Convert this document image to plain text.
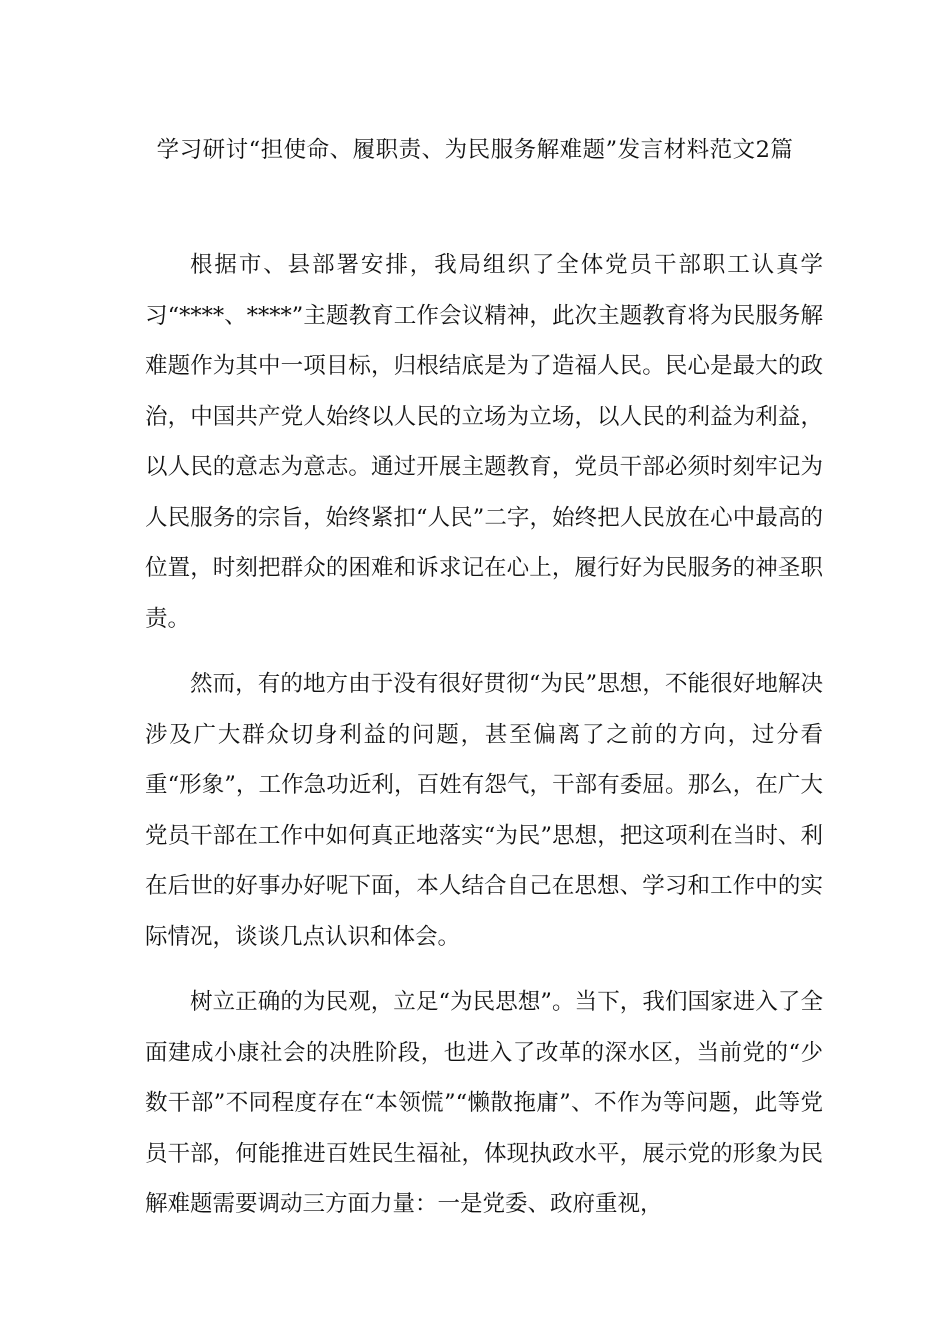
学习研讨“担使命、履职责、为民服务解难题”发言材料范文2篇

根据市、县部署安排，我局组织了全体党员干部职工认真学习“****、****”主题教育工作会议精神，此次主题教育将为民服务解难题作为其中一项目标，归根结底是为了造福人民。民心是最大的政治，中国共产党人始终以人民的立场为立场，以人民的利益为利益，以人民的意志为意志。通过开展主题教育，党员干部必须时刻牢记为人民服务的宗旨，始终紧扣“人民”二字，始终把人民放在心中最高的位置，时刻把群众的困难和诉求记在心上，履行好为民服务的神圣职责。

然而，有的地方由于没有很好贯彻“为民”思想，不能很好地解决涉及广大群众切身利益的问题，甚至偏离了之前的方向，过分看重“形象”，工作急功近利，百姓有怨气，干部有委屈。那么，在广大党员干部在工作中如何真正地落实“为民”思想，把这项利在当时、利在后世的好事办好呢下面，本人结合自己在思想、学习和工作中的实际情况，谈谈几点认识和体会。

树立正确的为民观，立足“为民思想”。当下，我们国家进入了全面建成小康社会的决胜阶段，也进入了改革的深水区，当前党的“少数干部”不同程度存在“本领慌”“懒散拖庸”、不作为等问题，此等党员干部，何能推进百姓民生福祉，体现执政水平，展示党的形象为民解难题需要调动三方面力量：一是党委、政府重视，
